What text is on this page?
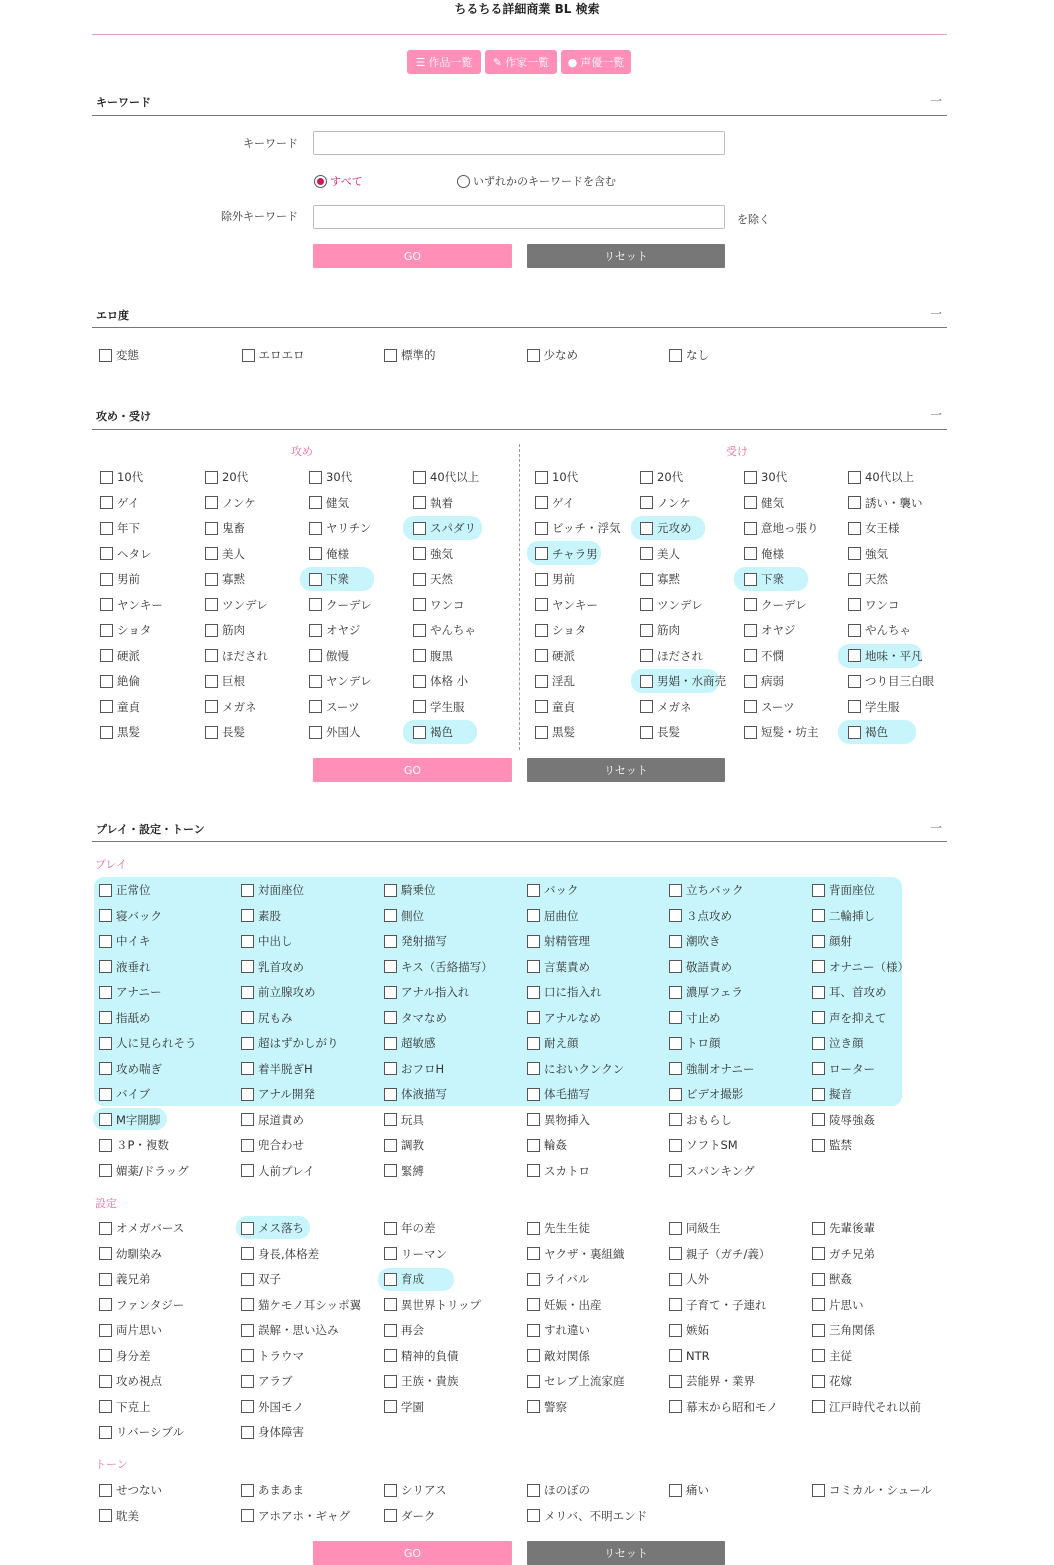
ちるちる詳細商業 BL 検索
☰ 作品一覧 ✎ 作家一覧 ● 声優一覧
キーワード	一
キーワード
すべて	いずれかのキーワードを含む
除外キーワード	を除く
GO	リセット
エロ度	一
変態	エロエロ	標準的	少なめ	なし
攻め・受け	一
攻め	受け
10代	20代	30代	40代以上
ゲイ	ノンケ	健気	執着
年下	鬼畜	ヤリチン	スパダリ
ヘタレ	美人	俺様	強気
男前	寡黙	下衆	天然
ヤンキー	ツンデレ	クーデレ	ワンコ
ショタ	筋肉	オヤジ	やんちゃ
硬派	ほだされ	傲慢	腹黒
絶倫	巨根	ヤンデレ	体格 小
童貞	メガネ	スーツ	学生服
黒髪	長髪	外国人	褐色
10代	20代	30代	40代以上
ゲイ	ノンケ	健気	誘い・襲い
ビッチ・浮気	元攻め	意地っ張り	女王様
チャラ男	美人	俺様	強気
男前	寡黙	下衆	天然
ヤンキー	ツンデレ	クーデレ	ワンコ
ショタ	筋肉	オヤジ	やんちゃ
硬派	ほだされ	不憫	地味・平凡
淫乱	男娼・水商売	病弱	つり目三白眼
童貞	メガネ	スーツ	学生服
黒髪	長髪	短髪・坊主	褐色
GO	リセット
プレイ・設定・トーン	一
プレイ
正常位	対面座位	騎乗位	バック	立ちバック	背面座位
寝バック	素股	側位	屈曲位	３点攻め	二輪挿し
中イキ	中出し	発射描写	射精管理	潮吹き	顔射
液垂れ	乳首攻め	キス（舌絡描写）	言葉責め	敬語責め	オナニー（様）
アナニー	前立腺攻め	アナル指入れ	口に指入れ	濃厚フェラ	耳、首攻め
指舐め	尻もみ	タマなめ	アナルなめ	寸止め	声を抑えて
人に見られそう	超はずかしがり	超敏感	耐え顔	トロ顔	泣き顔
攻め喘ぎ	着半脱ぎH	おフロH	においクンクン	強制オナニー	ローター
バイブ	アナル開発	体液描写	体毛描写	ビデオ撮影	擬音
M字開脚	尿道責め	玩具	異物挿入	おもらし	陵辱強姦
３P・複数	兜合わせ	調教	輪姦	ソフトSM	監禁
媚薬/ドラッグ	人前プレイ	緊縛	スカトロ	スパンキング
設定
オメガバース	メス落ち	年の差	先生生徒	同級生	先輩後輩
幼馴染み	身長,体格差	リーマン	ヤクザ・裏組織	親子（ガチ/義）	ガチ兄弟
義兄弟	双子	育成	ライバル	人外	獣姦
ファンタジー	猫ケモノ耳シッポ翼	異世界トリップ	妊娠・出産	子育て・子連れ	片思い
両片思い	誤解・思い込み	再会	すれ違い	嫉妬	三角関係
身分差	トラウマ	精神的負債	敵対関係	NTR	主従
攻め視点	アラブ	王族・貴族	セレブ上流家庭	芸能界・業界	花嫁
下克上	外国モノ	学園	警察	幕末から昭和モノ	江戸時代それ以前
リバーシブル	身体障害
トーン
せつない	あまあま	シリアス	ほのぼの	痛い	コミカル・シュール
耽美	アホアホ・ギャグ	ダーク	メリバ、不明エンド
GO	リセット
